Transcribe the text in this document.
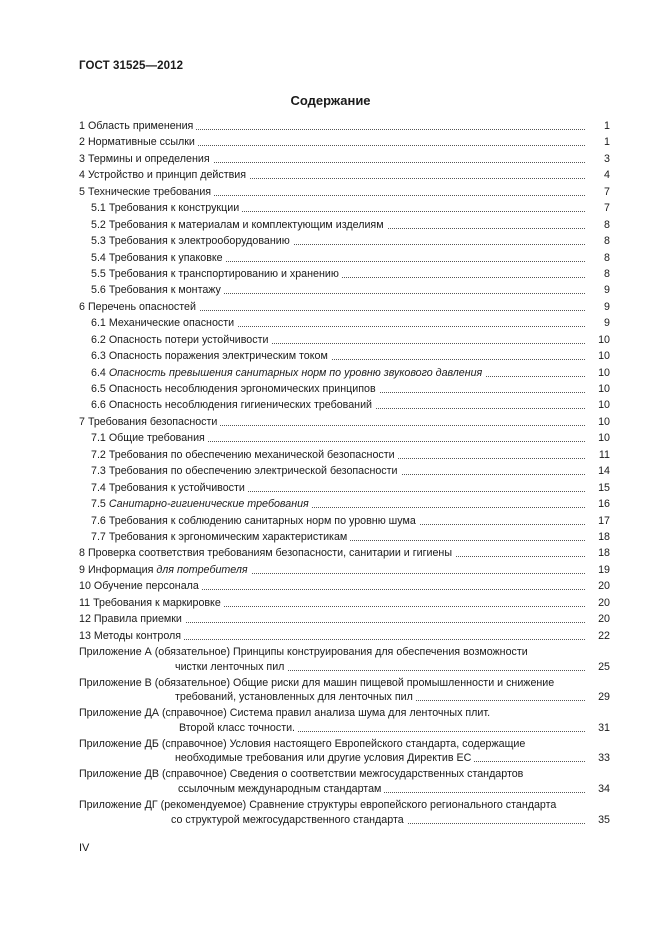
ГОСТ 31525—2012
Содержание
1 Область применения	1
2 Нормативные ссылки	1
3 Термины и определения	3
4 Устройство и принцип действия	4
5 Технические требования	7
5.1 Требования к конструкции	7
5.2 Требования к материалам и комплектующим изделиям	8
5.3 Требования к электрооборудованию	8
5.4 Требования к упаковке	8
5.5 Требования к транспортированию и хранению	8
5.6 Требования к монтажу	9
6 Перечень опасностей	9
6.1 Механические опасности	9
6.2 Опасность потери устойчивости	10
6.3 Опасность поражения электрическим током	10
6.4 Опасность превышения санитарных норм по уровню звукового давления	10
6.5 Опасность несоблюдения эргономических принципов	10
6.6 Опасность несоблюдения гигиенических требований	10
7 Требования безопасности	10
7.1 Общие требования	10
7.2 Требования по обеспечению механической безопасности	11
7.3 Требования по обеспечению электрической безопасности	14
7.4 Требования к устойчивости	15
7.5 Санитарно-гигиенические требования	16
7.6 Требования к соблюдению санитарных норм по уровню шума	17
7.7 Требования к эргономическим характеристикам	18
8 Проверка соответствия требованиям безопасности, санитарии и гигиены	18
9 Информация для потребителя	19
10 Обучение персонала	20
11 Требования к маркировке	20
12 Правила приемки	20
13 Методы контроля	22
Приложение А (обязательное) Принципы конструирования для обеспечения возможности
чистки ленточных пил	25
Приложение В (обязательное) Общие риски для машин пищевой промышленности и снижение
требований, установленных для ленточных пил	29
Приложение ДА (справочное) Система правил анализа шума для ленточных плит.
Второй класс точности.	31
Приложение ДБ (справочное) Условия настоящего Европейского стандарта, содержащие
необходимые требования или другие условия Директив ЕС	33
Приложение ДВ (справочное) Сведения о соответствии межгосударственных стандартов
ссылочным международным стандартам	34
Приложение ДГ (рекомендуемое) Сравнение структуры европейского регионального стандарта
со структурой межгосударственного стандарта	35
IV
